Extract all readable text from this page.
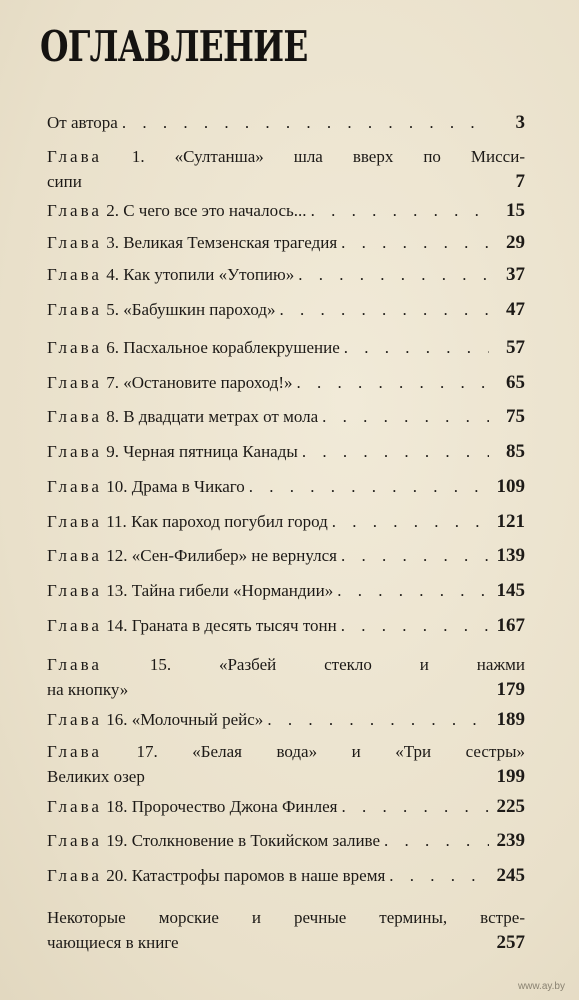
ОГЛАВЛЕНИЕ
От автора . . .	3
Глава 1. «Султанша» шла вверх по Мисси-
сипи	7
Глава 2. С чего все это началось... . . .	15
Глава 3. Великая Темзенская трагедия . . .	29
Глава 4. Как утопили «Утопию» . . .	37
Глава 5. «Бабушкин пароход» . . .	47
Глава 6. Пасхальное кораблекрушение . . .	57
Глава 7. «Остановите пароход!» . . .	65
Глава 8. В двадцати метрах от мола . . .	75
Глава 9. Черная пятница Канады . . .	85
Глава 10. Драма в Чикаго . . .	109
Глава 11. Как пароход погубил город . . .	121
Глава 12. «Сен-Филибер» не вернулся . . .	139
Глава 13. Тайна гибели «Нормандии» . . .	145
Глава 14. Граната в десять тысяч тонн . . .	167
Глава 15. «Разбей стекло и нажми
на кнопку»	179
Глава 16. «Молочный рейс» . . .	189
Глава 17. «Белая вода» и «Три сестры»
Великих озер	199
Глава 18. Пророчество Джона Финлея . . .	225
Глава 19. Столкновение в Токийском заливе . . .	239
Глава 20. Катастрофы паромов в наше время . . .	245
Некоторые морские и речные термины, встре-
чающиеся в книге	257
www.ay.by
